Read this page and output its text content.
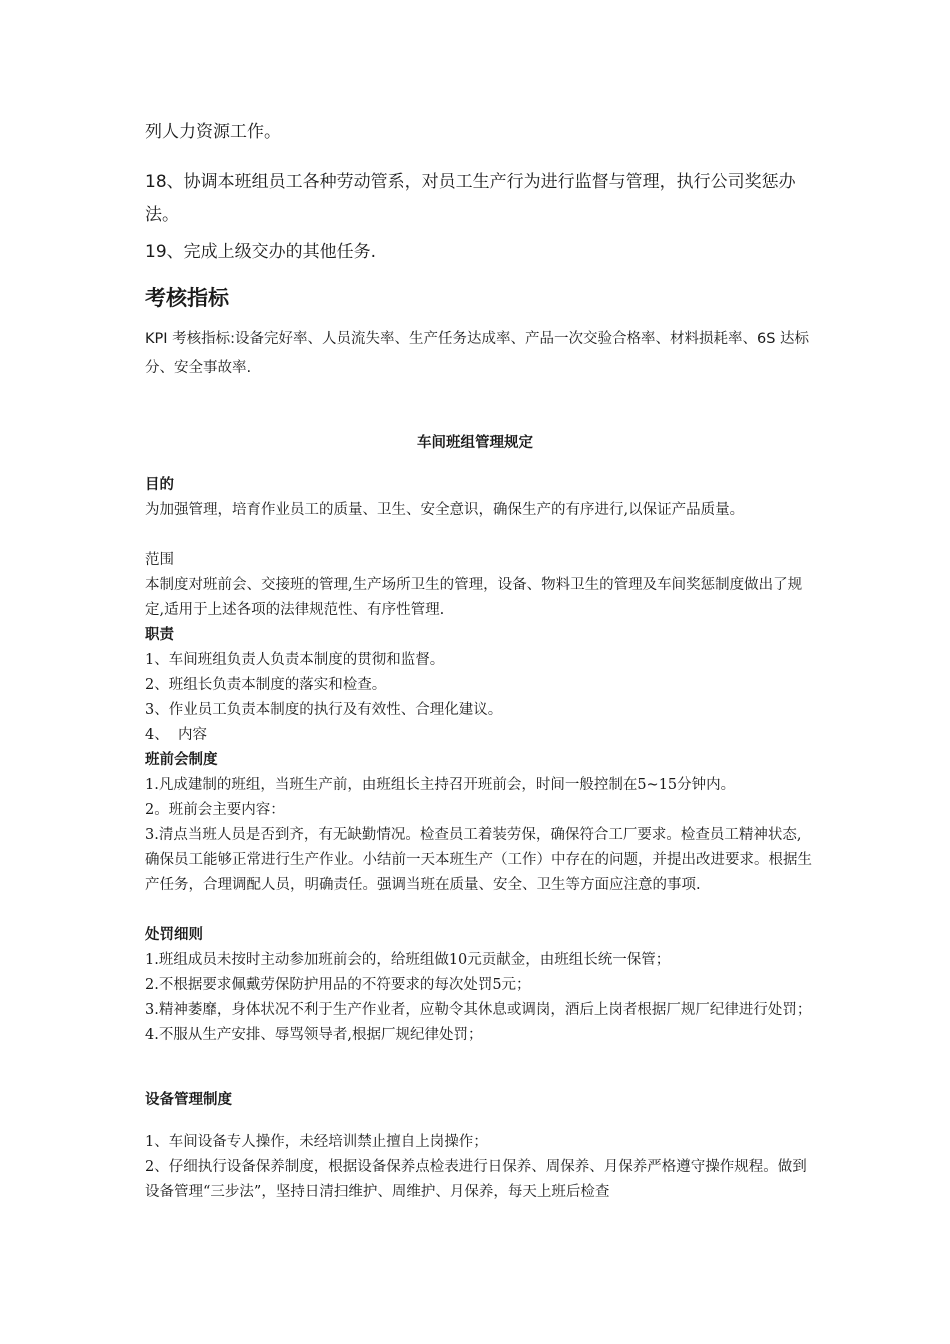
列人力资源工作。

18、协调本班组员工各种劳动管系，对员工生产行为进行监督与管理，执行公司奖惩办法。

19、完成上级交办的其他任务.

考核指标

KPI 考核指标:设备完好率、人员流失率、生产任务达成率、产品一次交验合格率、材料损耗率、6S 达标分、安全事故率.

车间班组管理规定
目的

为加强管理，培育作业员工的质量、卫生、安全意识，确保生产的有序进行,以保证产品质量。

范围

本制度对班前会、交接班的管理,生产场所卫生的管理，设备、物料卫生的管理及车间奖惩制度做出了规定,适用于上述各项的法律规范性、有序性管理.

职责
1、车间班组负责人负责本制度的贯彻和监督。
2、班组长负责本制度的落实和检查。
3、作业员工负责本制度的执行及有效性、合理化建议。
4、  内容
班前会制度
1.凡成建制的班组，当班生产前，由班组长主持召开班前会，时间一般控制在5~15分钟内。
2。班前会主要内容：
3.清点当班人员是否到齐，有无缺勤情况。检查员工着装劳保，确保符合工厂要求。检查员工精神状态,确保员工能够正常进行生产作业。小结前一天本班生产（工作）中存在的问题，并提出改进要求。根据生产任务，合理调配人员，明确责任。强调当班在质量、安全、卫生等方面应注意的事项.
处罚细则
1.班组成员未按时主动参加班前会的，给班组做10元贡献金，由班组长统一保管；
2.不根据要求佩戴劳保防护用品的不符要求的每次处罚5元；
3.精神萎靡，身体状况不利于生产作业者，应勒令其休息或调岗，酒后上岗者根据厂规厂纪律进行处罚；
4.不服从生产安排、辱骂领导者,根据厂规纪律处罚；
设备管理制度
1、车间设备专人操作，未经培训禁止擅自上岗操作；
2、仔细执行设备保养制度，根据设备保养点检表进行日保养、周保养、月保养严格遵守操作规程。做到设备管理“三步法”，坚持日清扫维护、周维护、月保养，每天上班后检查
